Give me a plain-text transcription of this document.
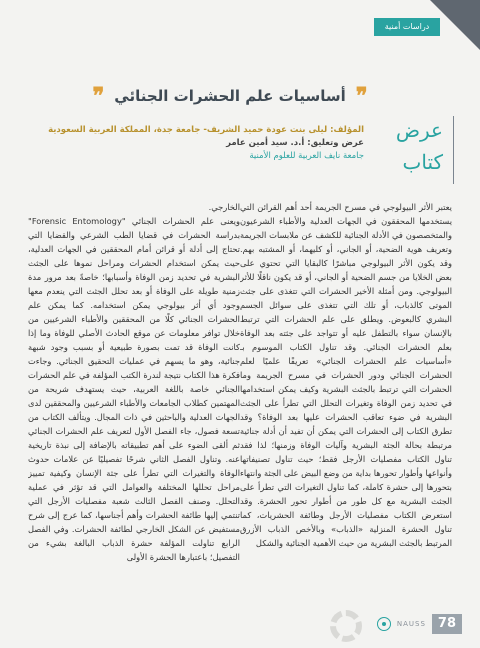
دراسات أمنية
❞
أساسيات علم الحشرات الجنائي
❞
عرض
كتاب
المؤلف: ليلى بنت عودة حميد الشريف- جامعة جدة، المملكة العربية السعودية
عرض وتعليق: أ.د. سيد أمين عامر
جامعة نايف العربية للعلوم الأمنية
يعتبر الأثر البيولوجي في مسرح الجريمة أحد أهم القرائن التي يستخدمها المحققون في الجهات العدلية والأطباء الشرعيون والمتخصصون في الأدلة الجنائية للكشف عن ملابسات الجريمة وتعريف هوية الضحية، أو الجاني، أو كليهما، أو المشتبه بهم. وقد يكون الأثر البيولوجي مباشرًا كالبقايا التي تحتوي على بعض الخلايا من جسم الضحية أو الجاني، أو قد يكون ناقلًا للأثر البيولوجي. ومن أمثلة الأخير الحشرات التي تتغذى على جثث الموتى كالذباب، أو تلك التي تتغذى على سوائل الجسم البشري كالبعوض. ويطلق على علم الحشرات التي ترتبط بالإنسان سواء بالتطفل عليه أو تتواجد على جثته بعد الوفاة بعلم الحشرات الجنائي. وقد تناول الكتاب الموسوم بـ «أساسيات علم الحشرات الجنائي» تعريفًا علميًا لعلم الحشرات الجنائي ودور الحشرات في مسرح الجريمة وما الحشرات التي ترتبط بالجثث البشرية وكيف يمكن استخدامها في تحديد زمن الوفاة وتغيرات التحلل التي تطرأ على الجثث البشرية في ضوء تعاقب الحشرات عليها بعد الوفاة؟ وقد تطرق الكتاب إلى الحشرات التي يمكن أن تفيد أن أدلة جنائية مرتبطة بحالة الجثة البشرية وآليات الوفاة وزمنها؛ لذا فقد تناول الكتاب مفصليات الأرجل فقط؛ حيث تناول تصنيفاتها وأنواعها وأطوار تحورها بداية من وضع البيض على الجثة وانتهاء بتحورها إلى حشرة كاملة، كما تناول التغيرات التي تطرأ على الجثث البشرية مع كل طور من أطوار تحور الحشرة. وقد استعرض الكتاب مفصليات الأرجل وطائفة الحشريات، كما تناول الحشرة المنزلية «الذباب» وبالأخص الذباب الأزرق المرتبط بالجثث البشرية من حيث الأهمية الجنائية والشكل
الخارجي.
ويعنى علم الحشرات الجنائي "Forensic Entomology" بدراسة الحشرات في قضايا الطب الشرعي والقضايا التي تحتاج إلى أدلة أو قرائن أمام المحققين في الجهات العدلية، حيث يمكن استخدام الحشرات ومراحل نموها على الجثث البشرية في تحديد زمن الوفاة وأسبابها؛ خاصةً بعد مرور مدة زمنية طويلة على الوفاة أو بعد تحلل الجثث التي ينعدم معها وجود أي أثر بيولوجي يمكن استخدامه. كما يمكن علم الحشرات الجنائي كلًا من المحققين والأطباء الشرعيين من خلال توافر معلومات عن موقع الحادث الأصلي للوفاة وما إذا كانت الوفاة قد تمت بصورة طبيعية أو بسبب وجود شبهة جنائية، وهو ما يسهم في عمليات التحقيق الجنائي. وجاءت فكرة هذا الكتاب نتيجة لندرة الكتب المؤلفة في علم الحشرات الجنائي خاصة باللغة العربية، حيث يستهدف شريحة من المهتمين كطلاب الجامعات والأطباء الشرعيين والمحققين لدى الجهات العدلية والباحثين في ذات المجال. ويتألف الكتاب من تسعة فصول، جاء الفصل الأول لتعريف علم الحشرات الجنائي ثم ألقى الضوء على أهم تطبيقاته بالإضافة إلى نبذة تاريخية عنه. وتناول الفصل الثاني شرحًا تفصيليًا عن علامات حدوث الوفاة والتغيرات التي تطرأ على جثة الإنسان وكيفية تمييز مراحل تحللها المختلفة والعوامل التي قد تؤثر في عملية التحلل. وصنف الفصل الثالث شعبة مفصليات الأرجل التي تنتمي إليها طائفة الحشرات وأهم أجناسها، كما عرج إلى شرح مستفيض عن الشكل الخارجي لطائفة الحشرات. وفي الفصل الرابع تناولت المؤلفة حشرة الذباب البالغة بشيء من التفصيل؛ باعتبارها الحشرة الأولى
NAUSS 78
